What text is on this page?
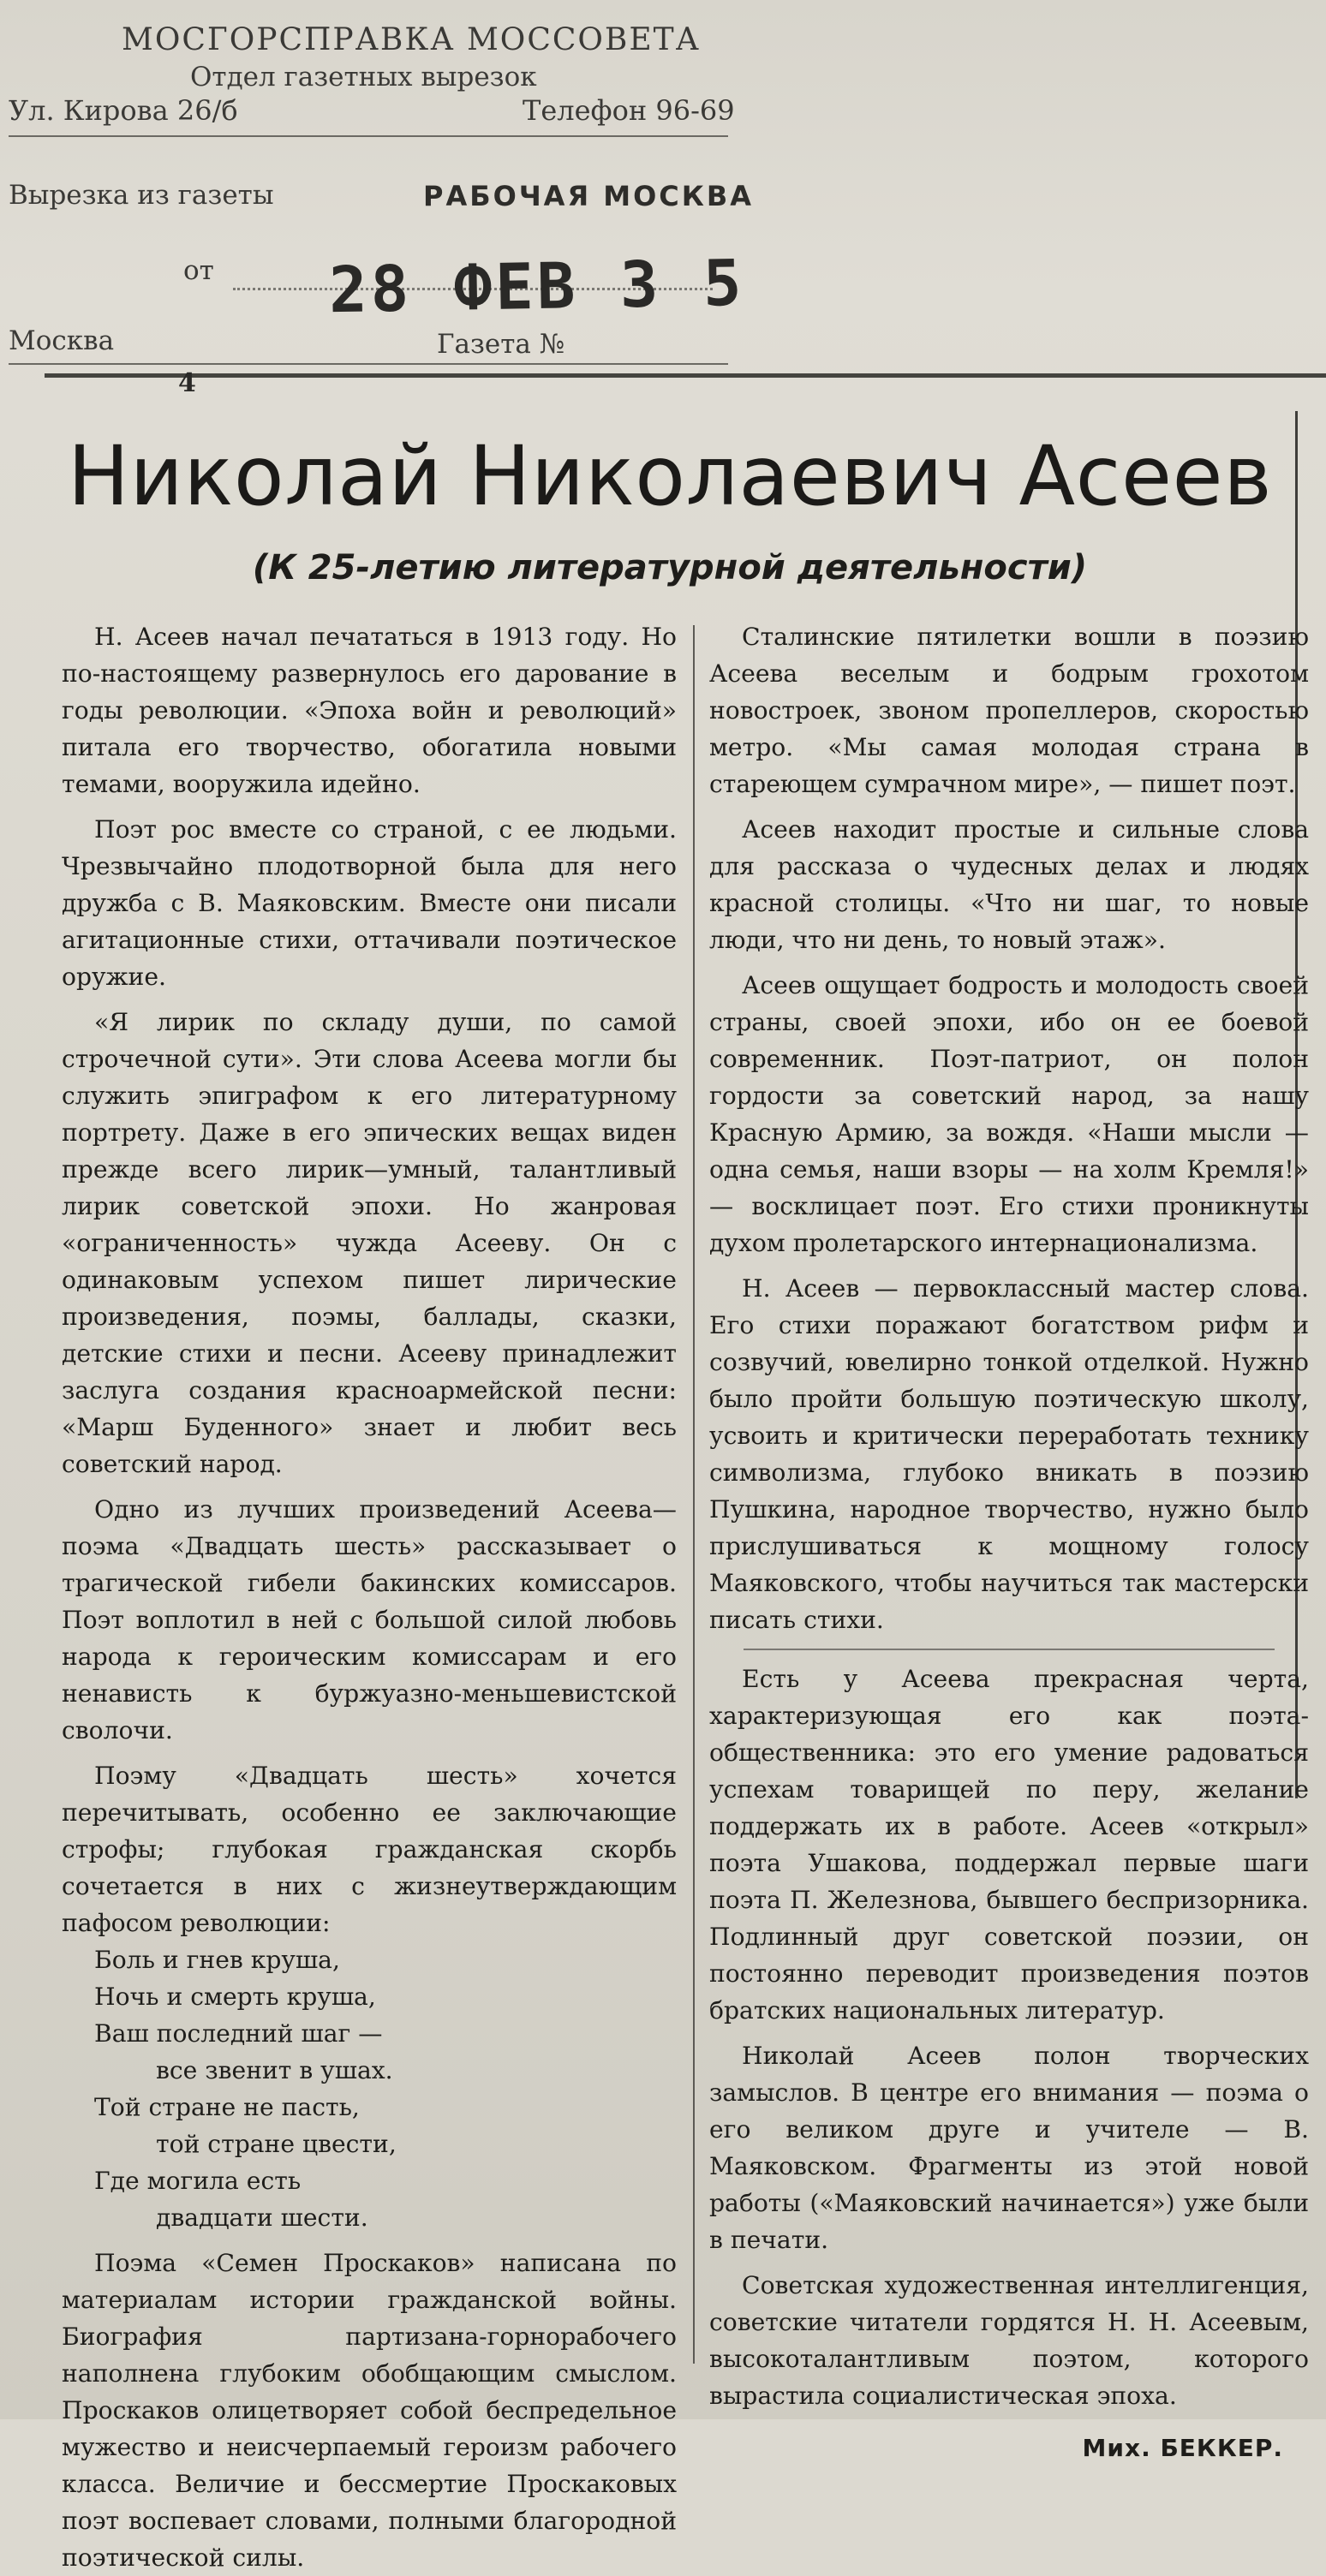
МОСГОРСПРАВКА МОССОВЕТА
Отдел газетных вырезок
Ул. Кирова 26/б	Телефон 96-69
Вырезка из газеты	РАБОЧАЯ МОСКВА
от 28 ФЕВ 3 5
Москва	Газета №
4
Николай Николаевич Асеев
(К 25-летию литературной деятельности)

Н. Асеев начал печататься в 1913 году. Но по-настоящему развернулось его дарование в годы революции. «Эпоха войн и революций» питала его творчество, обогатила новыми темами, вооружила идейно.

Поэт рос вместе со страной, с ее людьми. Чрезвычайно плодотворной была для него дружба с В. Маяковским. Вместе они писали агитационные стихи, оттачивали поэтическое оружие.

«Я лирик по складу души, по самой строчечной сути». Эти слова Асеева могли бы служить эпиграфом к его литературному портрету. Даже в его эпических вещах виден прежде всего лирик—умный, талантливый лирик советской эпохи. Но жанровая «ограниченность» чужда Асееву. Он с одинаковым успехом пишет лирические произведения, поэмы, баллады, сказки, детские стихи и песни. Асееву принадлежит заслуга создания красноармейской песни: «Марш Буденного» знает и любит весь советский народ.

Одно из лучших произведений Асеева—поэма «Двадцать шесть» рассказывает о трагической гибели бакинских комиссаров. Поэт воплотил в ней с большой силой любовь народа к героическим комиссарам и его ненависть к буржуазно-меньшевистской сволочи.

Поэму «Двадцать шесть» хочется перечитывать, особенно ее заключающие строфы; глубокая гражданская скорбь сочетается в них с жизнеутверждающим пафосом революции:

Боль и гнев круша,
Ночь и смерть круша,
Ваш последний шаг —
все звенит в ушах.
Той стране не пасть,
той стране цвести,
Где могила есть
двадцати шести.

Поэма «Семен Проскаков» написана по материалам истории гражданской войны. Биография партизана-горнорабочего наполнена глубоким обобщающим смыслом. Проскаков олицетворяет собой беспредельное мужество и неисчерпаемый героизм рабочего класса. Величие и бессмертие Проскаковых поэт воспевает словами, полными благородной поэтической силы.

Сталинские пятилетки вошли в поэзию Асеева веселым и бодрым грохотом новостроек, звоном пропеллеров, скоростью метро. «Мы самая молодая страна в стареющем сумрачном мире», — пишет поэт.

Асеев находит простые и сильные слова для рассказа о чудесных делах и людях красной столицы. «Что ни шаг, то новые люди, что ни день, то новый этаж».

Асеев ощущает бодрость и молодость своей страны, своей эпохи, ибо он ее боевой современник. Поэт-патриот, он полон гордости за советский народ, за нашу Красную Армию, за вождя. «Наши мысли — одна семья, наши взоры — на холм Кремля!» — восклицает поэт. Его стихи проникнуты духом пролетарского интернационализма.

Н. Асеев — первоклассный мастер слова. Его стихи поражают богатством рифм и созвучий, ювелирно тонкой отделкой. Нужно было пройти большую поэтическую школу, усвоить и критически переработать технику символизма, глубоко вникать в поэзию Пушкина, народное творчество, нужно было прислушиваться к мощному голосу Маяковского, чтобы научиться так мастерски писать стихи.

Есть у Асеева прекрасная черта, характеризующая его как поэта-общественника: это его умение радоваться успехам товарищей по перу, желание поддержать их в работе. Асеев «открыл» поэта Ушакова, поддержал первые шаги поэта П. Железнова, бывшего беспризорника. Подлинный друг советской поэзии, он постоянно переводит произведения поэтов братских национальных литератур.

Николай Асеев полон творческих замыслов. В центре его внимания — поэма о его великом друге и учителе — В. Маяковском. Фрагменты из этой новой работы («Маяковский начинается») уже были в печати.

Советская художественная интеллигенция, советские читатели гордятся Н. Н. Асеевым, высокоталантливым поэтом, которого вырастила социалистическая эпоха.

Мих. БЕККЕР.
